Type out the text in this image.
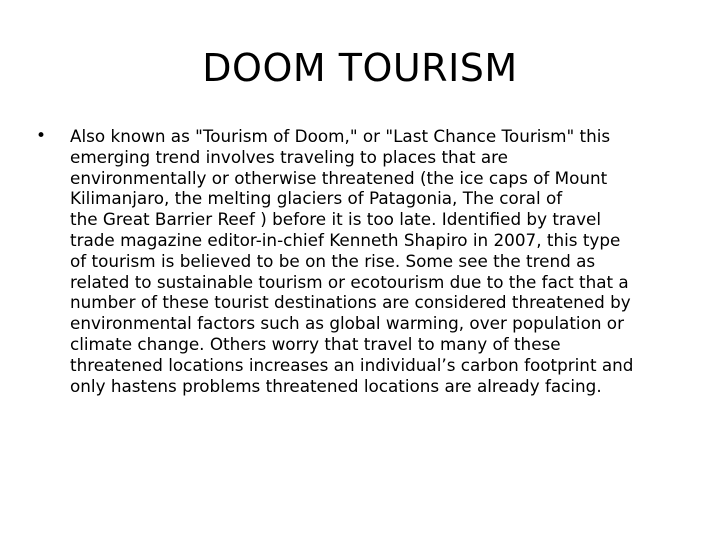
DOOM TOURISM
• Also known as "Tourism of Doom," or "Last Chance Tourism" this
emerging trend involves traveling to places that are
environmentally or otherwise threatened (the ice caps of Mount
Kilimanjaro, the melting glaciers of Patagonia, The coral of
the Great Barrier Reef ) before it is too late. Identified by travel
trade magazine editor-in-chief Kenneth Shapiro in 2007, this type
of tourism is believed to be on the rise. Some see the trend as
related to sustainable tourism or ecotourism due to the fact that a
number of these tourist destinations are considered threatened by
environmental factors such as global warming, over population or
climate change. Others worry that travel to many of these
threatened locations increases an individual’s carbon footprint and
only hastens problems threatened locations are already facing.
